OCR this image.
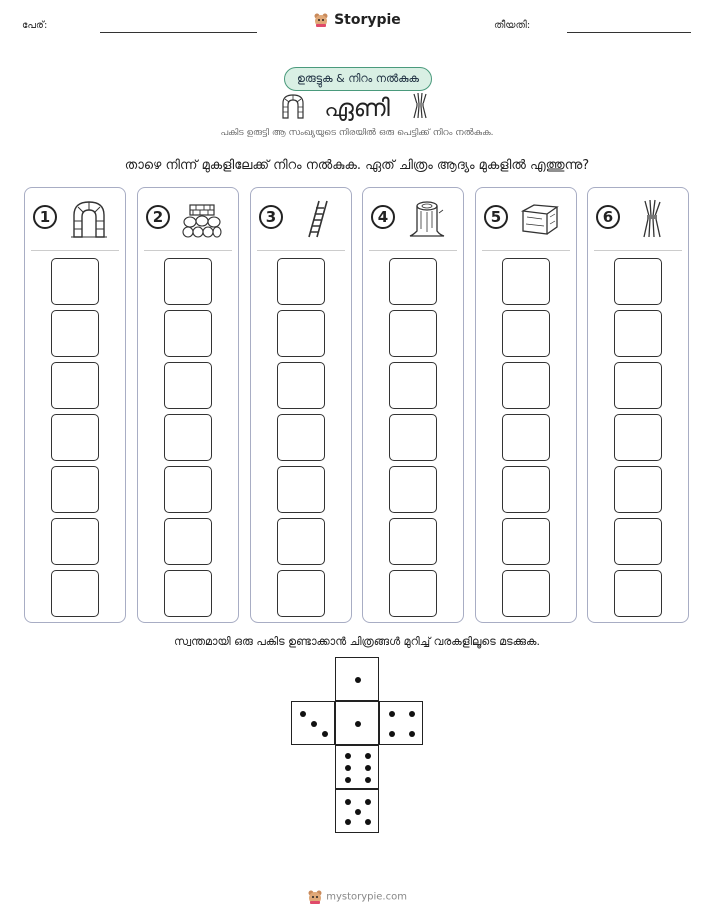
പേര്:	Storypie	തീയതി:
ഉരുട്ടുക & നിറം നൽകുക
ഏണി
പകിട ഉരുട്ടി ആ സംഖ്യയുടെ നിരയിൽ ഒരു പെട്ടിക്ക് നിറം നൽകുക.
താഴെ നിന്ന് മുകളിലേക്ക് നിറം നൽകുക. ഏത് ചിത്രം ആദ്യം മുകളിൽ എത്തുന്നു?
1	2	3	4	5	6
സ്വന്തമായി ഒരു പകിട ഉണ്ടാക്കാൻ ചിത്രങ്ങൾ മുറിച്ച് വരകളിലൂടെ മടക്കുക.
mystorypie.com
